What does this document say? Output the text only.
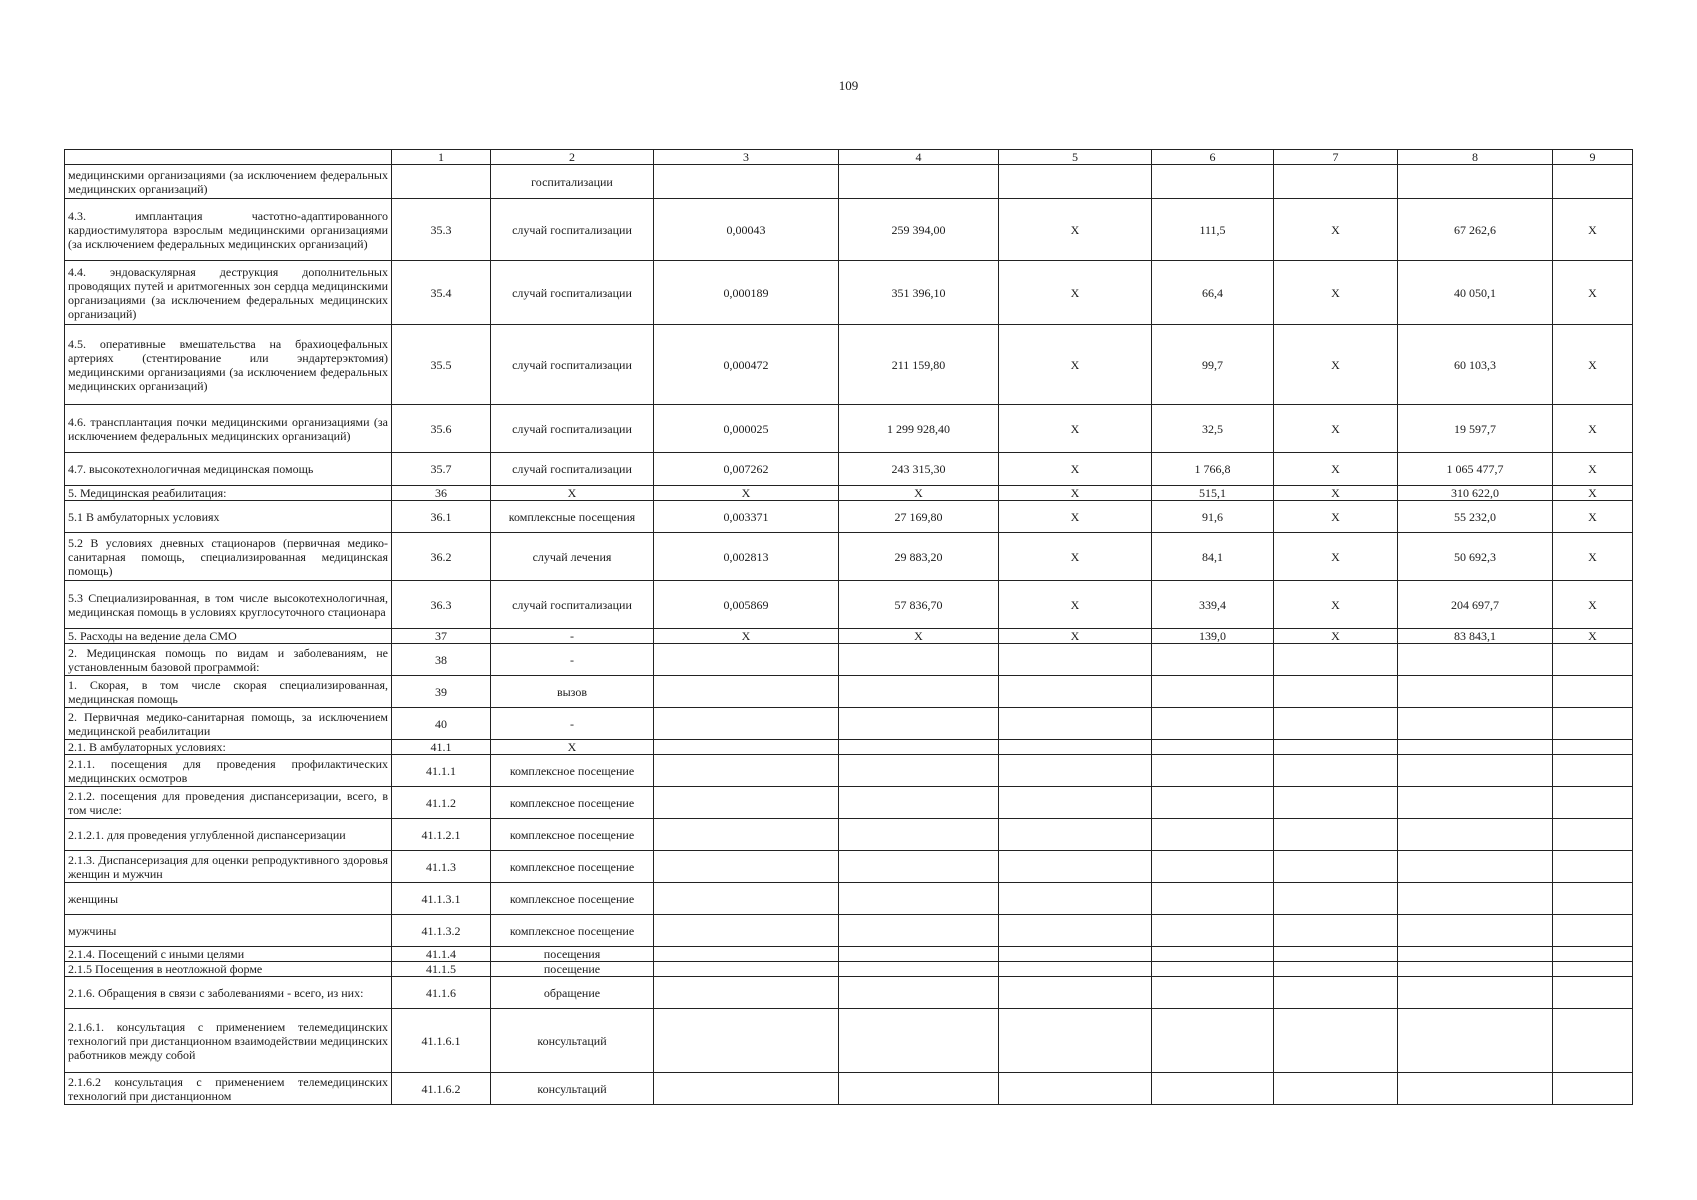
109
	1	2	3	4	5	6	7	8	9
медицинскими организациями (за исключением федеральных медицинских организаций)		госпитализации							
4.3. имплантация частотно-адаптированного кардиостимулятора взрослым медицинскими организациями (за исключением федеральных медицинских организаций)	35.3	случай госпитализации	0,00043	259 394,00	X	111,5	X	67 262,6	X
4.4. эндоваскулярная деструкция дополнительных проводящих путей и аритмогенных зон сердца медицинскими организациями (за исключением федеральных медицинских организаций)	35.4	случай госпитализации	0,000189	351 396,10	X	66,4	X	40 050,1	X
4.5. оперативные вмешательства на брахиоцефальных артериях (стентирование или эндартерэктомия) медицинскими организациями (за исключением федеральных медицинских организаций)	35.5	случай госпитализации	0,000472	211 159,80	X	99,7	X	60 103,3	X
4.6. трансплантация почки медицинскими организациями (за исключением федеральных медицинских организаций)	35.6	случай госпитализации	0,000025	1 299 928,40	X	32,5	X	19 597,7	X
4.7. высокотехнологичная медицинская помощь	35.7	случай госпитализации	0,007262	243 315,30	X	1 766,8	X	1 065 477,7	X
5. Медицинская реабилитация:	36	X	X	X	X	515,1	X	310 622,0	X
5.1 В амбулаторных условиях	36.1	комплексные посещения	0,003371	27 169,80	X	91,6	X	55 232,0	X
5.2 В условиях дневных стационаров (первичная медико-санитарная помощь, специализированная медицинская помощь)	36.2	случай лечения	0,002813	29 883,20	X	84,1	X	50 692,3	X
5.3 Специализированная, в том числе высокотехнологичная, медицинская помощь в условиях круглосуточного стационара	36.3	случай госпитализации	0,005869	57 836,70	X	339,4	X	204 697,7	X
5. Расходы на ведение дела СМО	37	-	X	X	X	139,0	X	83 843,1	X
2. Медицинская помощь по видам и заболеваниям, не установленным базовой программой:	38	-							
1. Скорая, в том числе скорая специализированная, медицинская помощь	39	вызов							
2. Первичная медико-санитарная помощь, за исключением медицинской реабилитации	40	-							
2.1. В амбулаторных условиях:	41.1	X							
2.1.1. посещения для проведения профилактических медицинских осмотров	41.1.1	комплексное посещение							
2.1.2. посещения для проведения диспансеризации, всего, в том числе:	41.1.2	комплексное посещение							
2.1.2.1. для проведения углубленной диспансеризации	41.1.2.1	комплексное посещение							
2.1.3. Диспансеризация для оценки репродуктивного здоровья женщин и мужчин	41.1.3	комплексное посещение							
женщины	41.1.3.1	комплексное посещение							
мужчины	41.1.3.2	комплексное посещение							
2.1.4. Посещений с иными целями	41.1.4	посещения							
2.1.5 Посещения в неотложной форме	41.1.5	посещение							
2.1.6. Обращения в связи с заболеваниями - всего, из них:	41.1.6	обращение							
2.1.6.1. консультация с применением телемедицинских технологий при дистанционном взаимодействии медицинских работников между собой	41.1.6.1	консультаций							
2.1.6.2 консультация с применением телемедицинских технологий при дистанционном	41.1.6.2	консультаций							
